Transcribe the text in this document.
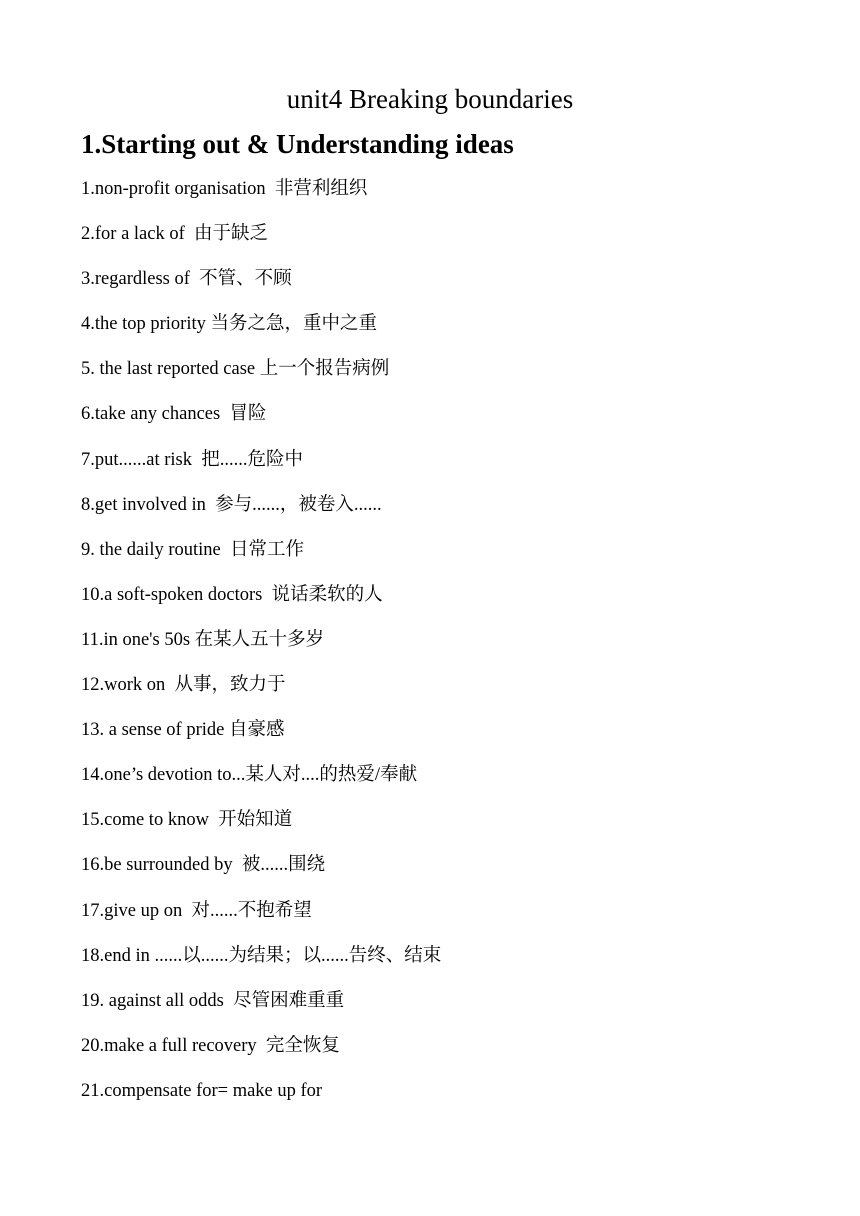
unit4 Breaking boundaries
1.Starting out & Understanding ideas
1.non-profit organisation  非营利组织
2.for a lack of  由于缺乏
3.regardless of  不管、不顾
4.the top priority 当务之急，重中之重
5. the last reported case 上一个报告病例
6.take any chances  冒险
7.put......at risk  把......危险中
8.get involved in  参与......，被卷入......
9. the daily routine  日常工作
10.a soft-spoken doctors  说话柔软的人
11.in one's 50s 在某人五十多岁
12.work on  从事，致力于
13. a sense of pride 自豪感
14.one’s devotion to...某人对....的热爱/奉献
15.come to know  开始知道
16.be surrounded by  被......围绕
17.give up on  对......不抱希望
18.end in ......以......为结果；以......告终、结束
19. against all odds  尽管困难重重
20.make a full recovery  完全恢复
21.compensate for= make up for
